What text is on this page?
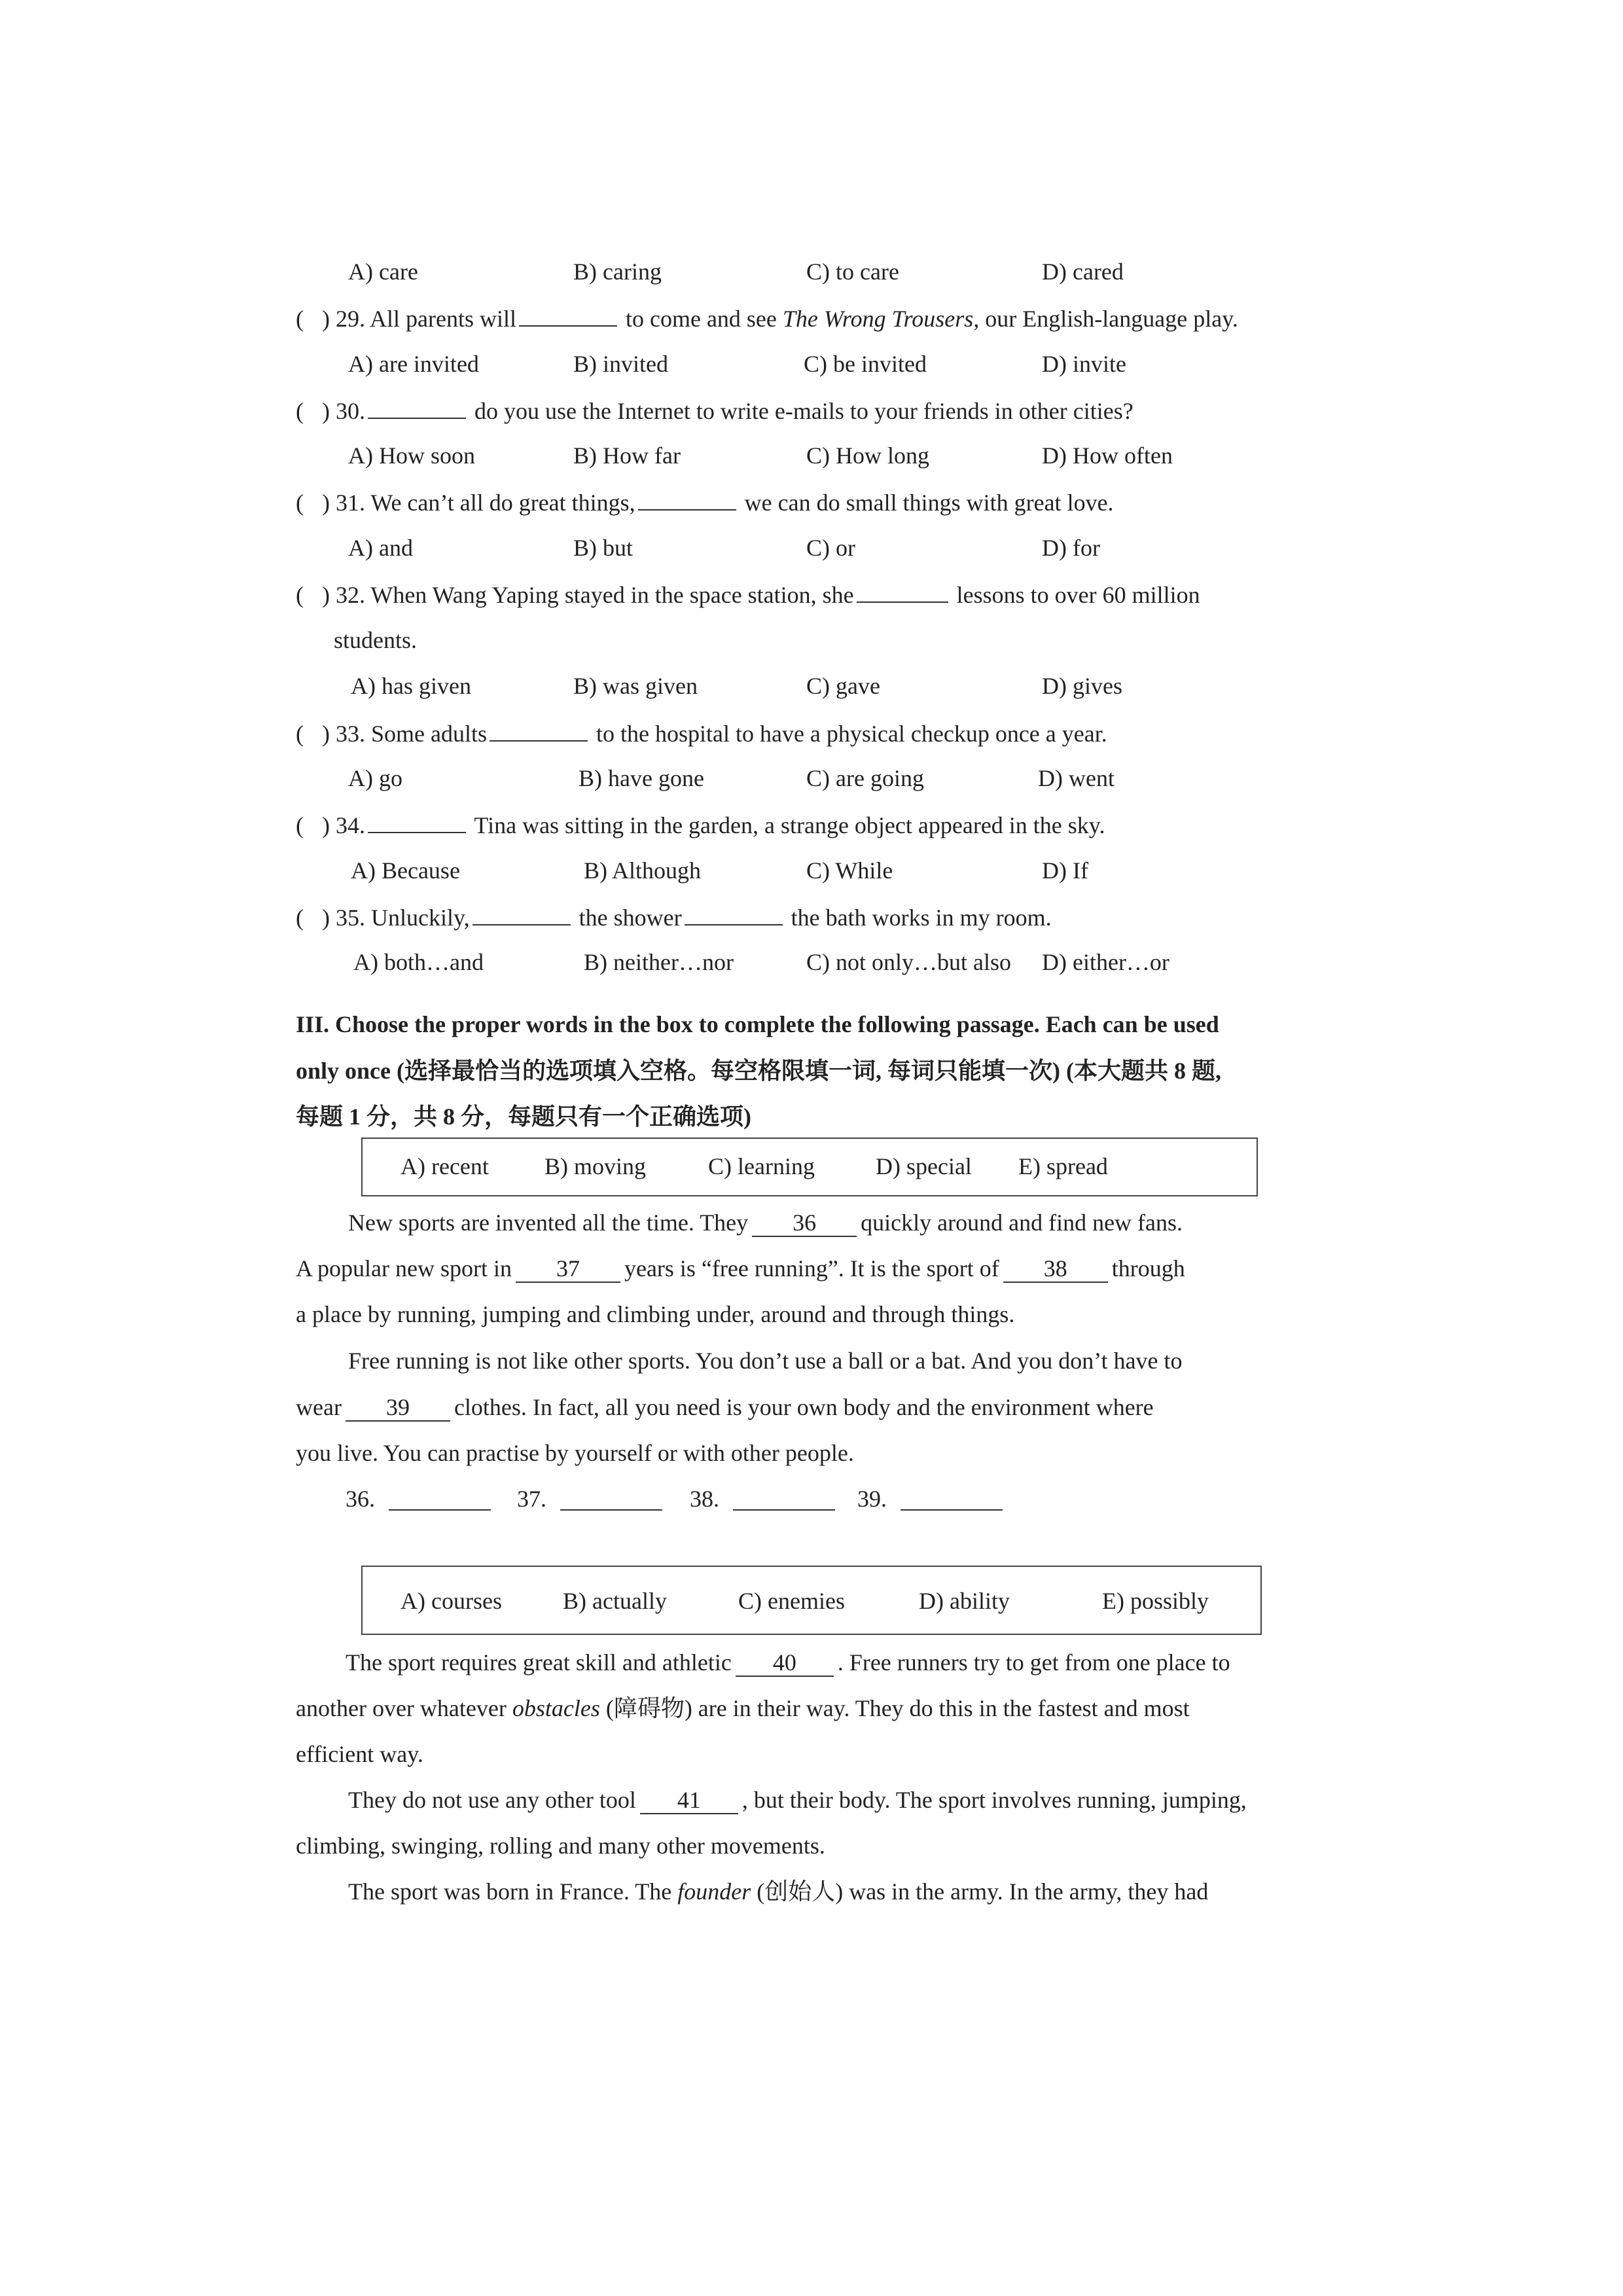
A) care	B) caring	C) to care	D) cared
( ) 29. All parents will	to come and see The Wrong Trousers, our English-language play.
A) are invited	B) invited	C) be invited	D) invite
( ) 30.	do you use the Internet to write e-mails to your friends in other cities?
A) How soon	B) How far	C) How long	D) How often
( ) 31. We can’t all do great things,	we can do small things with great love.
A) and	B) but	C) or	D) for
( ) 32. When Wang Yaping stayed in the space station, she	lessons to over 60 million
students.
A) has given	B) was given	C) gave	D) gives
( ) 33. Some adults	to the hospital to have a physical checkup once a year.
A) go	B) have gone	C) are going	D) went
( ) 34.	Tina was sitting in the garden, a strange object appeared in the sky.
A) Because	B) Although	C) While	D) If
( ) 35. Unluckily,	the shower	the bath works in my room.
A) both…and	B) neither…nor	C) not only…but also D) either…or
III. Choose the proper words in the box to complete the following passage. Each can be used
only once (选择最恰当的选项填入空格。每空格限填一词, 每词只能填一次) (本大题共 8 题,
每题 1 分，共 8 分，每题只有一个正确选项)
A) recent B) moving	C) learning	D) special E) spread
New sports are invented all the time. They 36 quickly around and find new fans.
A popular new sport in 37 years is “free running”. It is the sport of 38 through
a place by running, jumping and climbing under, around and through things.
Free running is not like other sports. You don’t use a ball or a bat. And you don’t have to
wear 39 clothes. In fact, all you need is your own body and the environment where
you live. You can practise by yourself or with other people.
36.	37.	38.	39.
A) courses	B) actually	C) enemies	D) ability	E) possibly
The sport requires great skill and athletic 40 . Free runners try to get from one place to
another over whatever obstacles (障碍物) are in their way. They do this in the fastest and most
efficient way.
They do not use any other tool 41 , but their body. The sport involves running, jumping,
climbing, swinging, rolling and many other movements.
The sport was born in France. The founder (创始人) was in the army. In the army, they had
